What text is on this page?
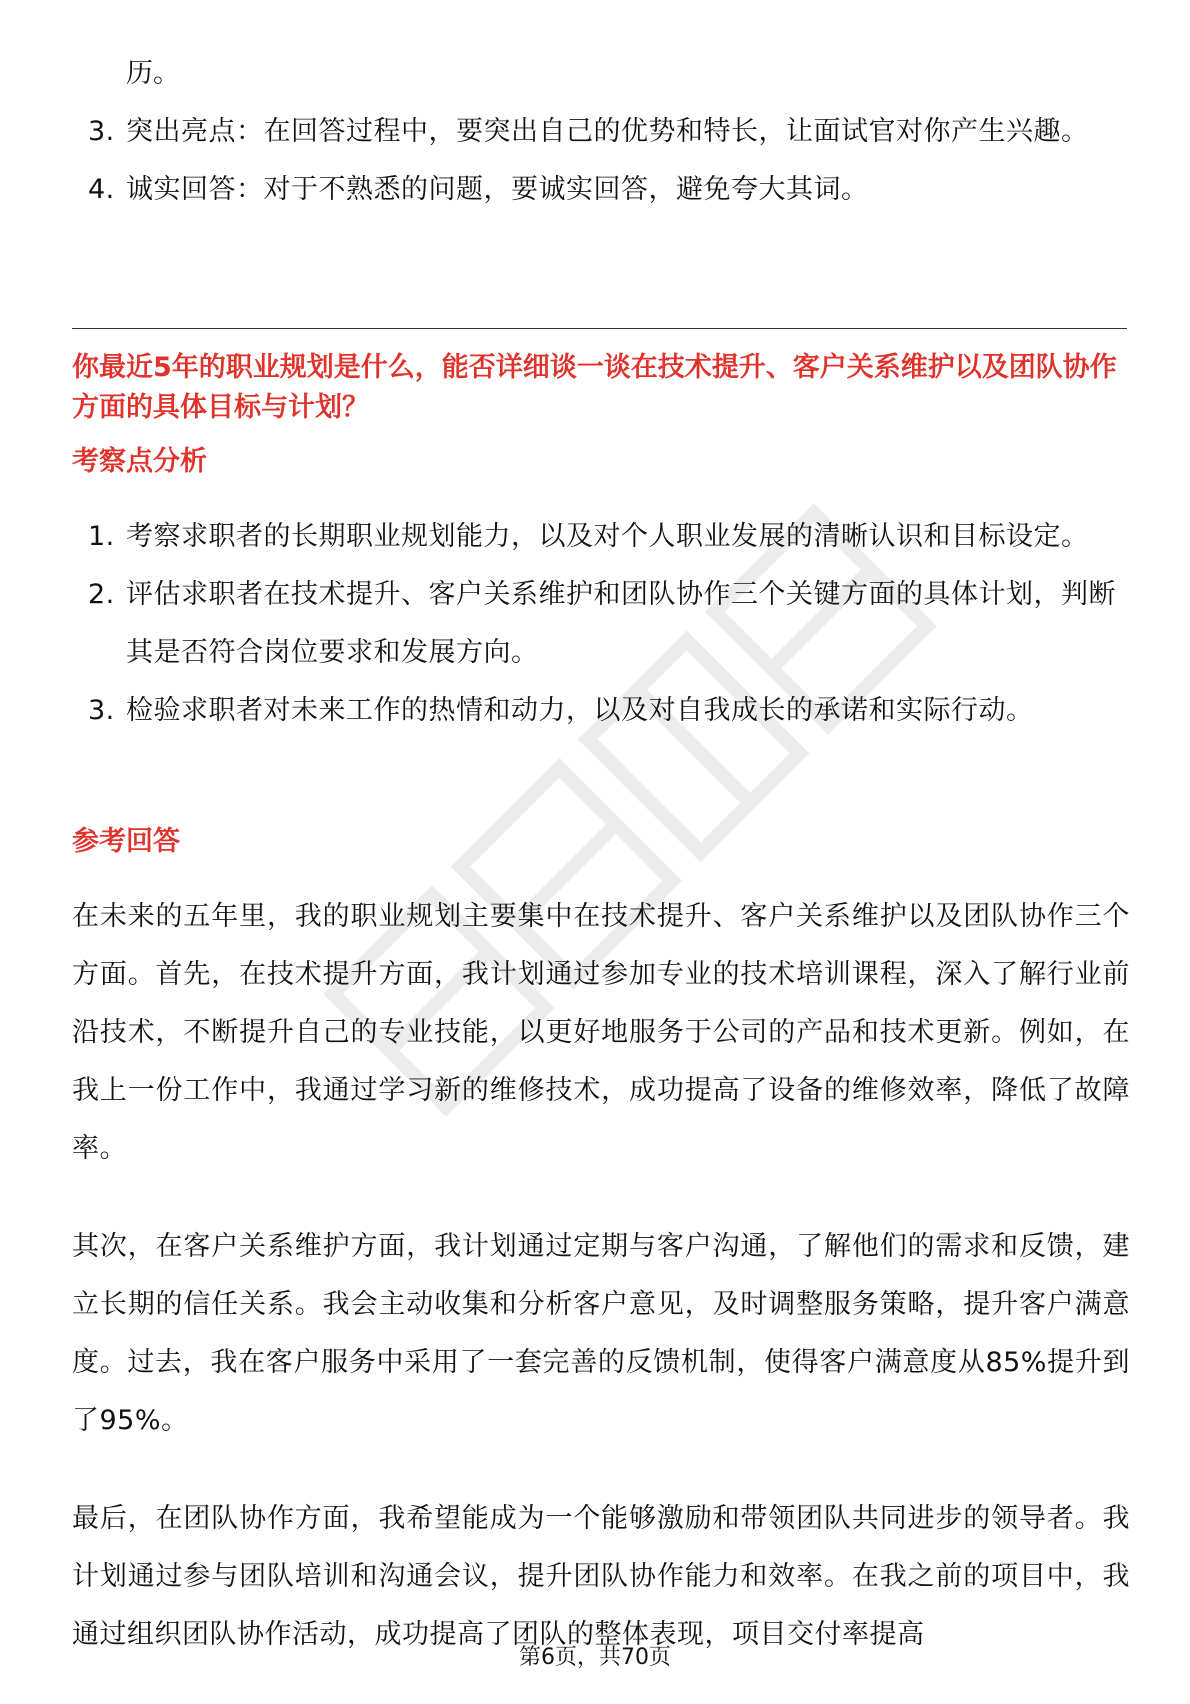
历。
3. 突出亮点：在回答过程中，要突出自己的优势和特长，让面试官对你产生兴趣。
4. 诚实回答：对于不熟悉的问题，要诚实回答，避免夸大其词。
你最近5年的职业规划是什么，能否详细谈一谈在技术提升、客户关系维护以及团队协作方面的具体目标与计划？
考察点分析
1. 考察求职者的长期职业规划能力，以及对个人职业发展的清晰认识和目标设定。
2. 评估求职者在技术提升、客户关系维护和团队协作三个关键方面的具体计划，判断其是否符合岗位要求和发展方向。
3. 检验求职者对未来工作的热情和动力，以及对自我成长的承诺和实际行动。
参考回答

在未来的五年里，我的职业规划主要集中在技术提升、客户关系维护以及团队协作三个方面。首先，在技术提升方面，我计划通过参加专业的技术培训课程，深入了解行业前沿技术，不断提升自己的专业技能，以更好地服务于公司的产品和技术更新。例如，在我上一份工作中，我通过学习新的维修技术，成功提高了设备的维修效率，降低了故障率。

其次，在客户关系维护方面，我计划通过定期与客户沟通，了解他们的需求和反馈，建立长期的信任关系。我会主动收集和分析客户意见，及时调整服务策略，提升客户满意度。过去，我在客户服务中采用了一套完善的反馈机制，使得客户满意度从85%提升到了95%。

最后，在团队协作方面，我希望能成为一个能够激励和带领团队共同进步的领导者。我计划通过参与团队培训和沟通会议，提升团队协作能力和效率。在我之前的项目中，我通过组织团队协作活动，成功提高了团队的整体表现，项目交付率提高

第6页，共70页
